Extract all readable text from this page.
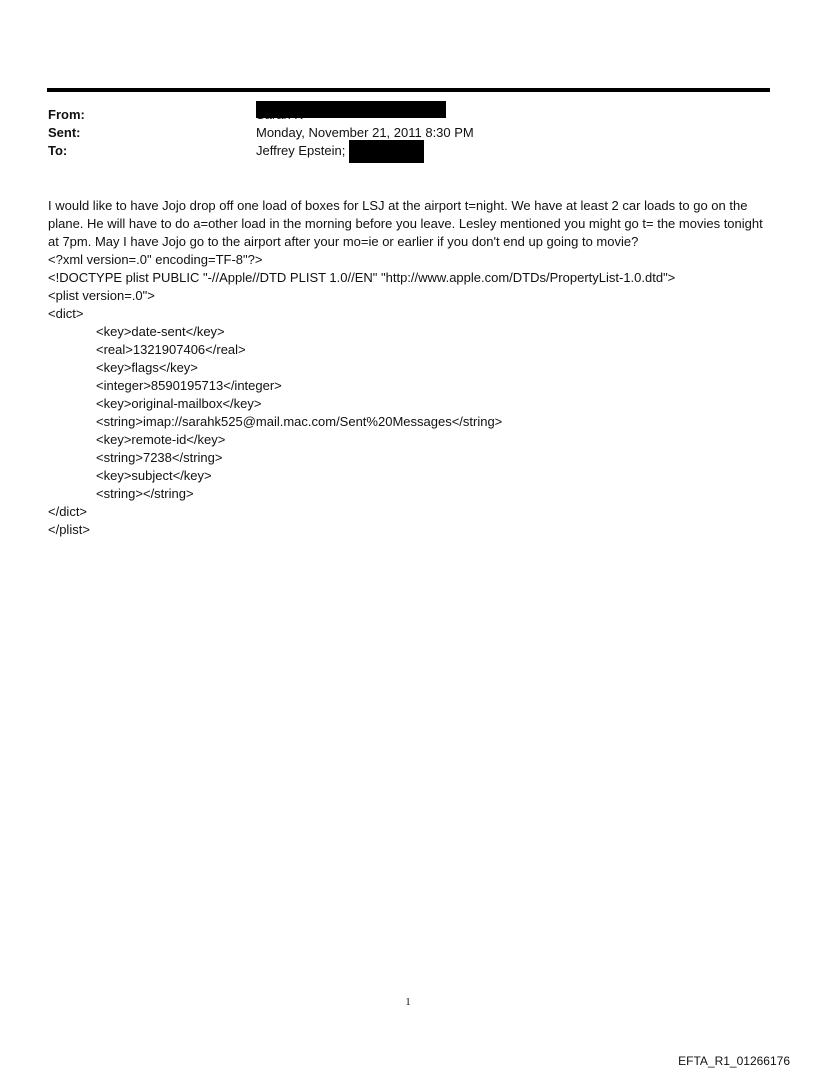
From:
Sent:	Monday, November 21, 2011 8:30 PM
To:	Jeffrey Epstein;

I would like to have Jojo drop off one load of boxes for LSJ at the airport t=night. We have at least 2 car loads to go on the plane. He will have to do a=other load in the morning before you leave. Lesley mentioned you might go t= the movies tonight at 7pm. May I have Jojo go to the airport after your mo=ie or earlier if you don't end up going to movie?

<?xml version=.0" encoding=TF-8"?>

<!DOCTYPE plist PUBLIC "-//Apple//DTD PLIST 1.0//EN" "http://www.apple.com/DTDs/PropertyList-1.0.dtd">

<plist version=.0">

<dict>

<key>date-sent</key>

<real>1321907406</real>

<key>flags</key>

<integer>8590195713</integer>

<key>original-mailbox</key>

<string>imap://sarahk525@mail.mac.com/Sent%20Messages</string>

<key>remote-id</key>

<string>7238</string>

<key>subject</key>

<string></string>

</dict>

</plist>

1
EFTA_R1_01266176
